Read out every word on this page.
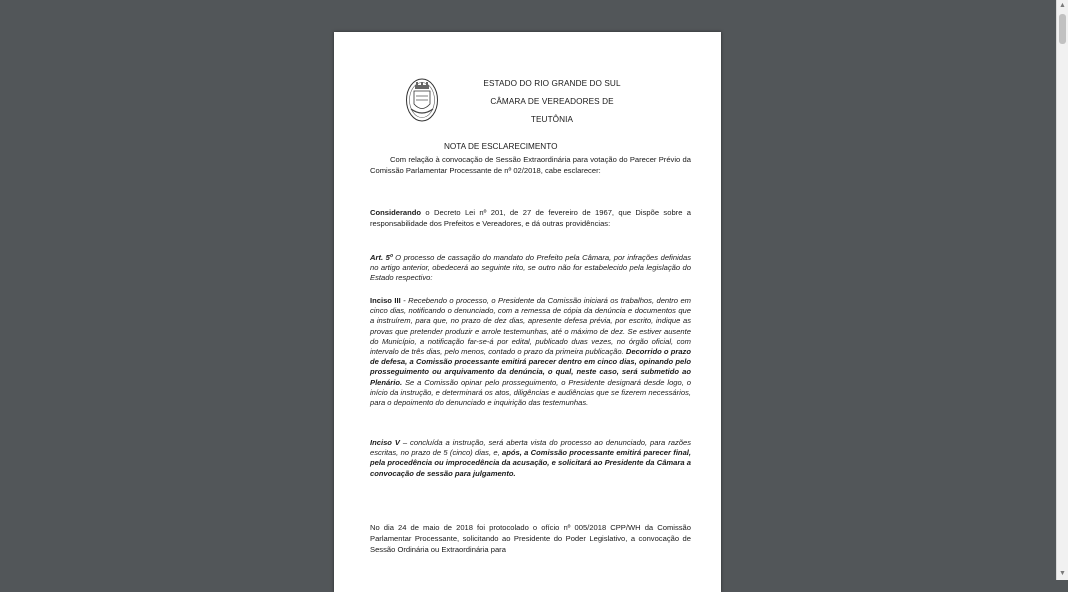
ESTADO DO RIO GRANDE DO SUL
CÂMARA DE VEREADORES DE
TEUTÔNIA
NOTA DE ESCLARECIMENTO
Com relação à convocação de Sessão Extraordinária para votação do Parecer Prévio da Comissão Parlamentar Processante de nº 02/2018, cabe esclarecer:
Considerando o Decreto Lei nº 201, de 27 de fevereiro de 1967, que Dispõe sobre a responsabilidade dos Prefeitos e Vereadores, e dá outras providências:
Art. 5º O processo de cassação do mandato do Prefeito pela Câmara, por infrações definidas no artigo anterior, obedecerá ao seguinte rito, se outro não for estabelecido pela legislação do Estado respectivo:
Inciso III - Recebendo o processo, o Presidente da Comissão iniciará os trabalhos, dentro em cinco dias, notificando o denunciado, com a remessa de cópia da denúncia e documentos que a instruírem, para que, no prazo de dez dias, apresente defesa prévia, por escrito, indique as provas que pretender produzir e arrole testemunhas, até o máximo de dez. Se estiver ausente do Município, a notificação far-se-á por edital, publicado duas vezes, no órgão oficial, com intervalo de três dias, pelo menos, contado o prazo da primeira publicação. Decorrido o prazo de defesa, a Comissão processante emitirá parecer dentro em cinco dias, opinando pelo prosseguimento ou arquivamento da denúncia, o qual, neste caso, será submetido ao Plenário. Se a Comissão opinar pelo prosseguimento, o Presidente designará desde logo, o início da instrução, e determinará os atos, diligências e audiências que se fizerem necessários, para o depoimento do denunciado e inquirição das testemunhas.
Inciso V – concluída a instrução, será aberta vista do processo ao denunciado, para razões escritas, no prazo de 5 (cinco) dias, e, após, a Comissão processante emitirá parecer final, pela procedência ou improcedência da acusação, e solicitará ao Presidente da Câmara a convocação de sessão para julgamento.
No dia 24 de maio de 2018 foi protocolado o ofício nº 005/2018 CPP/WH da Comissão Parlamentar Processante, solicitando ao Presidente do Poder Legislativo, a convocação de Sessão Ordinária ou Extraordinária para
▲
▼
